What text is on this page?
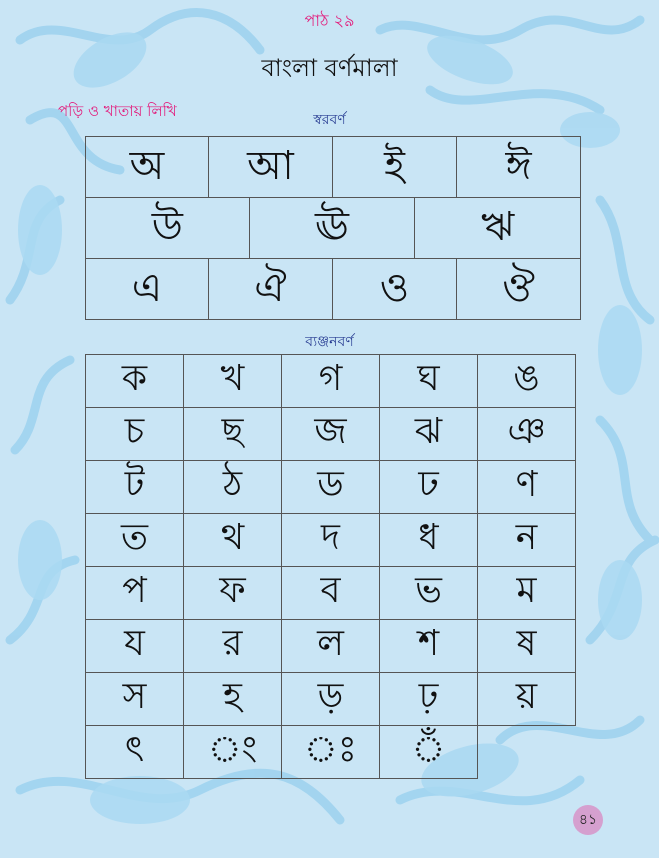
পাঠ ২৯
বাংলা বর্ণমালা
পড়ি ও খাতায় লিখি	স্বরবর্ণ
অ	আ	ই	ঈ
উ	ঊ	ঋ
এ	ঐ	ও	ঔ
ব্যঞ্জনবর্ণ
ক	খ	গ	ঘ	ঙ
চ	ছ	জ	ঝ	ঞ
ট	ঠ	ড	ঢ	ণ
ত	থ	দ	ধ	ন
প	ফ	ব	ভ	ম
য	র	ল	শ	ষ
স	হ	ড়	ঢ়	য়
ৎ	ং	ঃ	ঁ
৪১
